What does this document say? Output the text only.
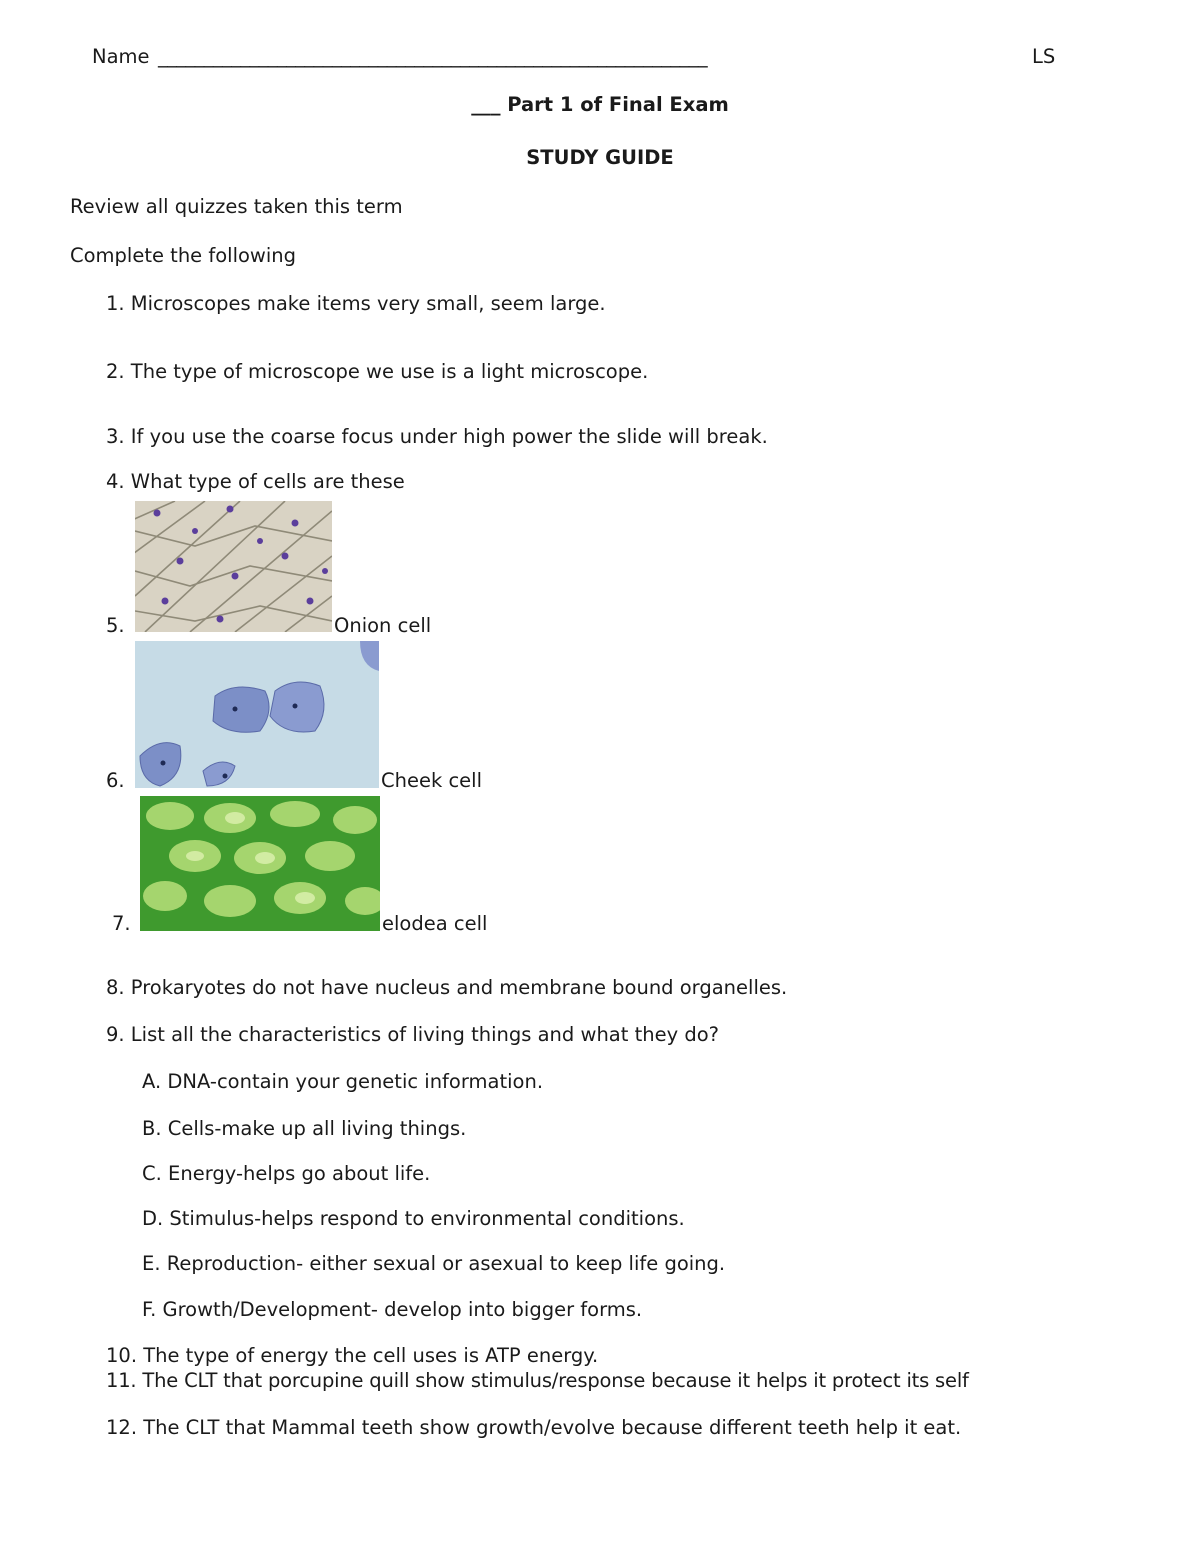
Name ____________________________________________________________	LS
___ Part 1 of Final Exam
STUDY GUIDE
Review all quizzes taken this term
Complete the following
1. Microscopes make items very small, seem large.
2. The type of microscope we use is a light microscope.
3. If you use the coarse focus under high power the slide will break.
4. What type of cells are these
5.	Onion cell
6.	Cheek cell
7.	elodea cell
8. Prokaryotes do not have nucleus and membrane bound organelles.
9. List all the characteristics of living things and what they do?
A. DNA-contain your genetic information.
B. Cells-make up all living things.
C. Energy-helps go about life.
D. Stimulus-helps respond to environmental conditions.
E. Reproduction- either sexual or asexual to keep life going.
F. Growth/Development- develop into bigger forms.
10. The type of energy the cell uses is ATP energy.
11. The CLT that porcupine quill show stimulus/response because it helps it protect its self
12. The CLT that Mammal teeth show growth/evolve because different teeth help it eat.
